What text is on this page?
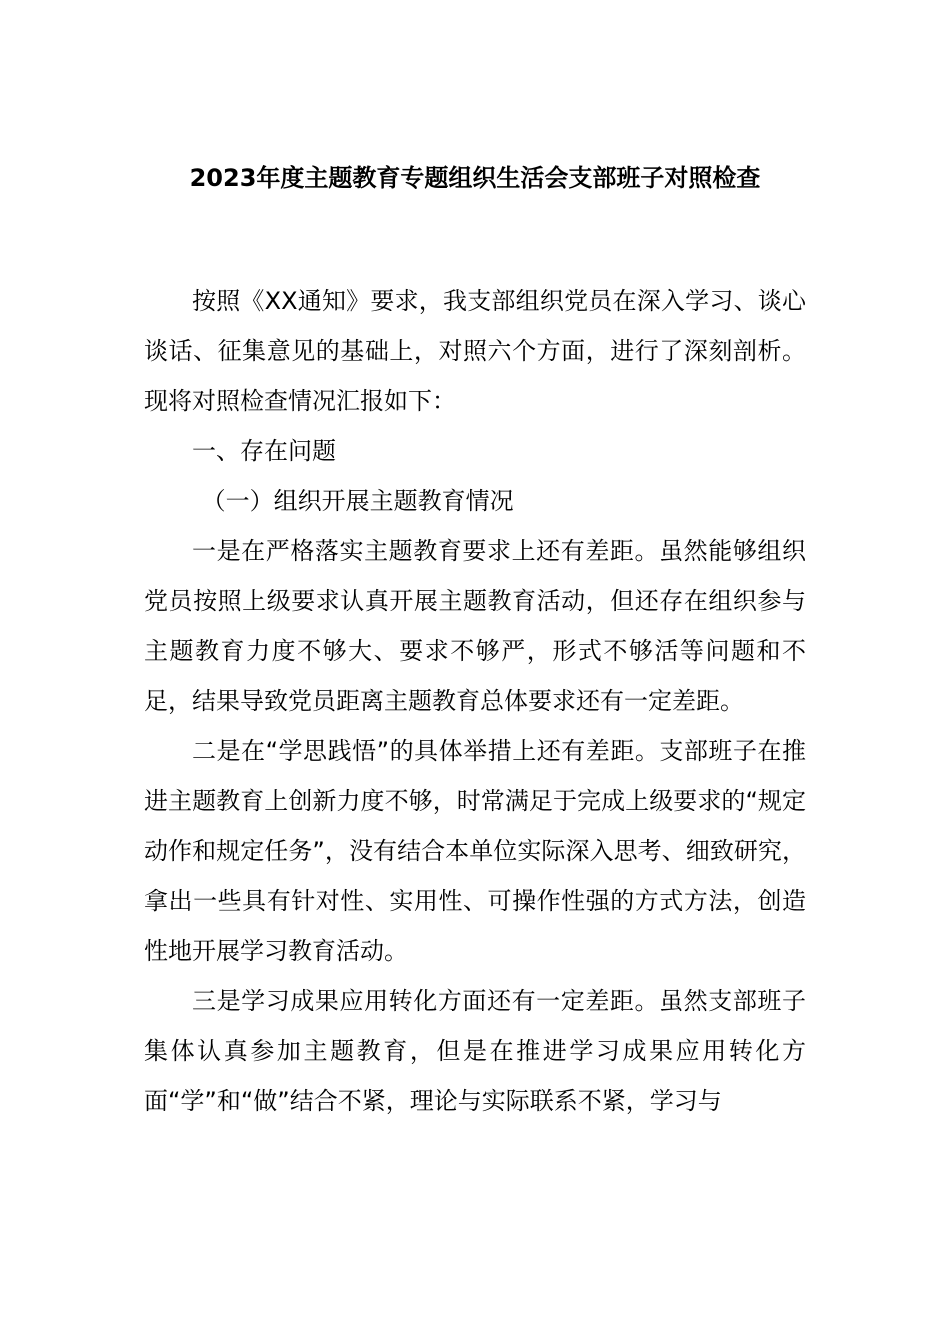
2023年度主题教育专题组织生活会支部班子对照检查

按照《XX通知》要求，我支部组织党员在深入学习、谈心谈话、征集意见的基础上，对照六个方面，进行了深刻剖析。现将对照检查情况汇报如下：

一、存在问题

（一）组织开展主题教育情况

一是在严格落实主题教育要求上还有差距。虽然能够组织党员按照上级要求认真开展主题教育活动，但还存在组织参与主题教育力度不够大、要求不够严，形式不够活等问题和不足，结果导致党员距离主题教育总体要求还有一定差距。

二是在“学思践悟”的具体举措上还有差距。支部班子在推进主题教育上创新力度不够，时常满足于完成上级要求的“规定动作和规定任务”，没有结合本单位实际深入思考、细致研究，拿出一些具有针对性、实用性、可操作性强的方式方法，创造性地开展学习教育活动。

三是学习成果应用转化方面还有一定差距。虽然支部班子集体认真参加主题教育，但是在推进学习成果应用转化方面“学”和“做”结合不紧，理论与实际联系不紧，学习与
